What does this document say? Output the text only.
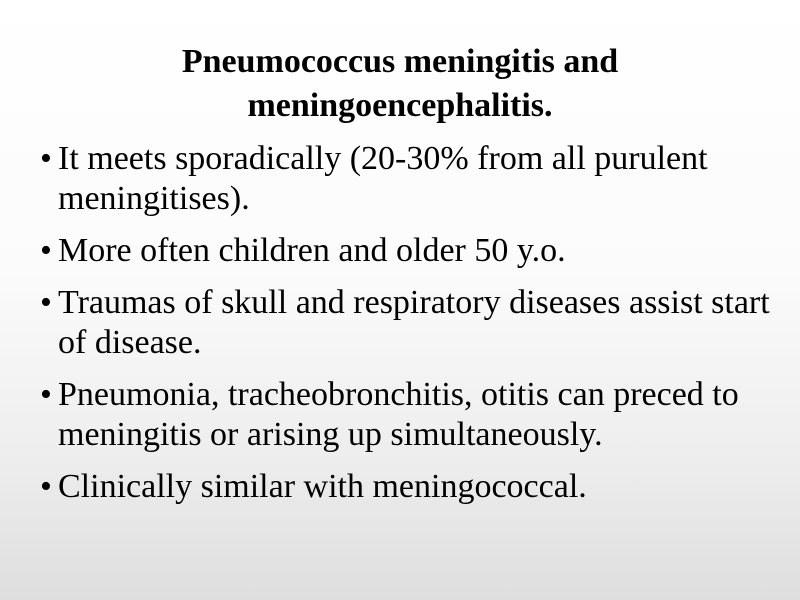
Pneumococcus meningitis and
meningoencephalitis.
• It meets sporadically (20-30% from all purulent meningitises).
• More often children and older 50 y.o.
• Traumas of skull and respiratory diseases assist start of disease.
• Pneumonia, tracheobronchitis, otitis can preced to meningitis or arising up simultaneously.
• Clinically similar with meningococcal.
